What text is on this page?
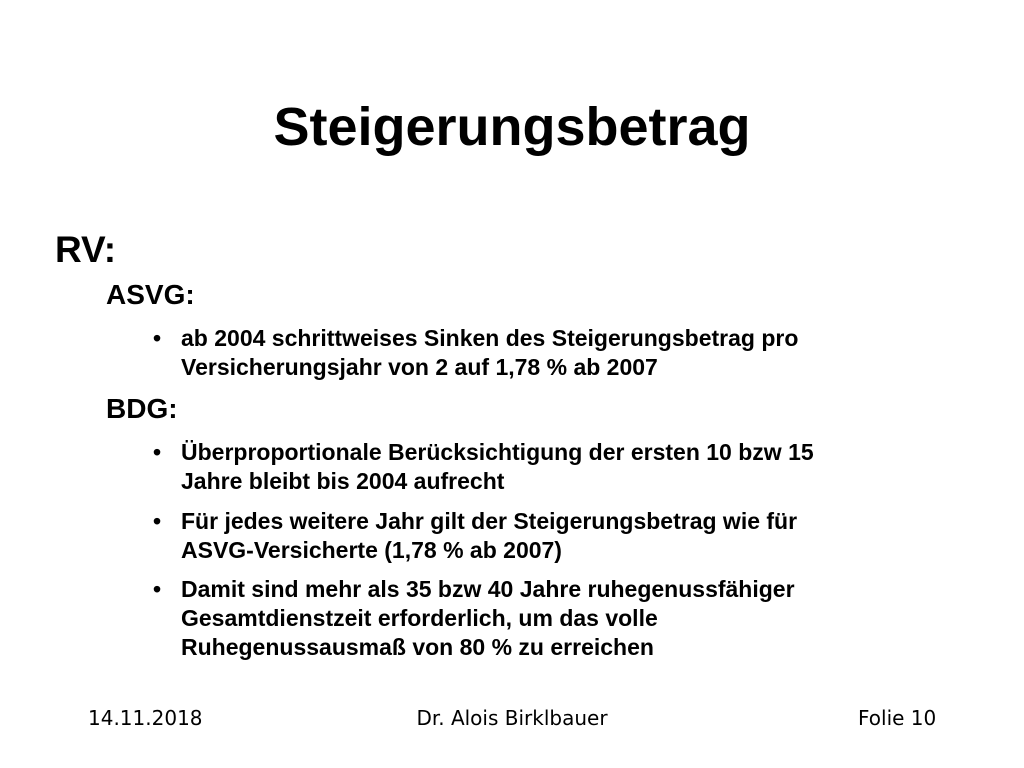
Steigerungsbetrag
RV:
ASVG:
• ab 2004 schrittweises Sinken des Steigerungsbetrag pro
Versicherungsjahr von 2 auf 1,78 % ab 2007
BDG:
• Überproportionale Berücksichtigung der ersten 10 bzw 15
Jahre bleibt bis 2004 aufrecht
• Für jedes weitere Jahr gilt der Steigerungsbetrag wie für
ASVG-Versicherte (1,78 % ab 2007)
• Damit sind mehr als 35 bzw 40 Jahre ruhegenussfähiger
Gesamtdienstzeit erforderlich, um das volle
Ruhegenussausmaß von 80 % zu erreichen
14.11.2018	Dr. Alois Birklbauer	Folie 10
